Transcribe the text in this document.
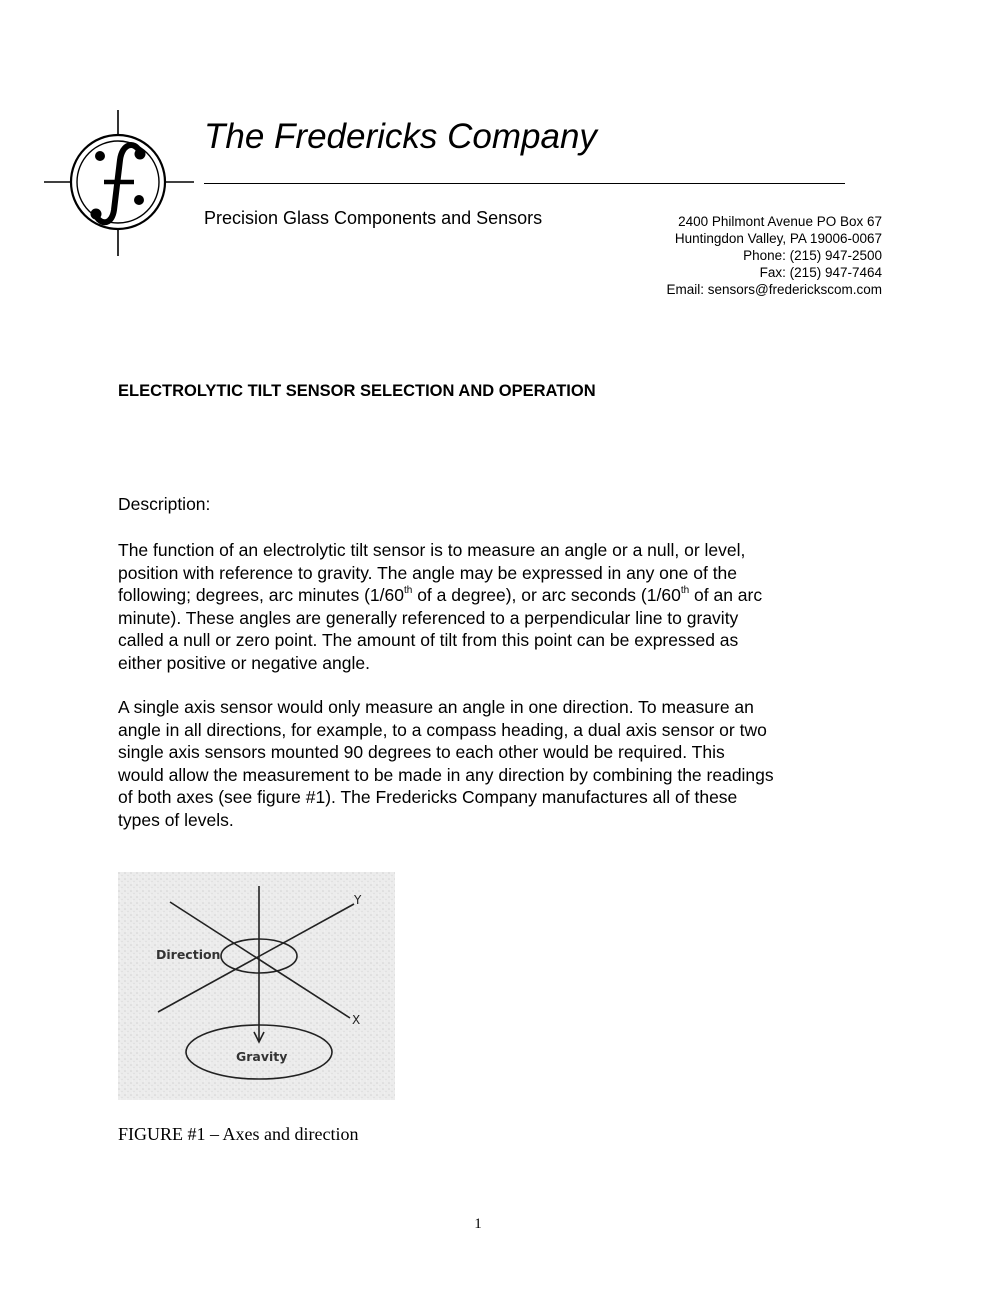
The Fredericks Company
Precision Glass Components and Sensors	2400 Philmont Avenue PO Box 67
Huntingdon Valley, PA 19006-0067
Phone: (215) 947-2500
Fax: (215) 947-7464
Email: sensors@frederickscom.com
ELECTROLYTIC TILT SENSOR SELECTION AND OPERATION
Description:
The function of an electrolytic tilt sensor is to measure an angle or a null, or level,
position with reference to gravity. The angle may be expressed in any one of the
following; degrees, arc minutes (1/60th of a degree), or arc seconds (1/60th of an arc
minute). These angles are generally referenced to a perpendicular line to gravity
called a null or zero point. The amount of tilt from this point can be expressed as
either positive or negative angle.
A single axis sensor would only measure an angle in one direction. To measure an
angle in all directions, for example, to a compass heading, a dual axis sensor or two
single axis sensors mounted 90 degrees to each other would be required. This
would allow the measurement to be made in any direction by combining the readings
of both axes (see figure #1). The Fredericks Company manufactures all of these
types of levels.
Y
X
Direction
Gravity
FIGURE #1 – Axes and direction
1
